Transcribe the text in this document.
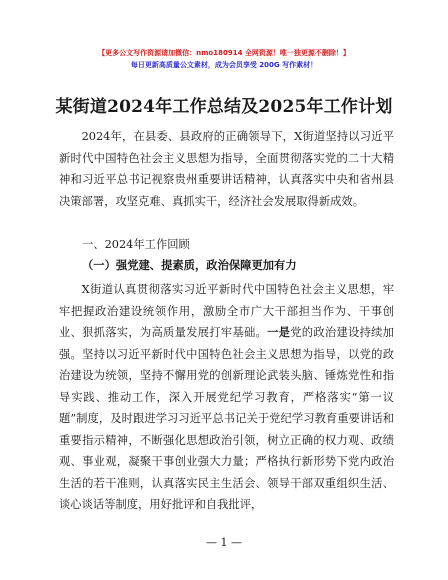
【更多公文写作资源请加微信：nmo180914 全网资源！唯一独更源不删除！】
每日更新高质量公文素材，成为会员享受 200G 写作素材！
某街道2024年工作总结及2025年工作计划

2024年，在县委、县政府的正确领导下，X街道坚持以习近平新时代中国特色社会主义思想为指导，全面贯彻落实党的二十大精神和习近平总书记视察贵州重要讲话精神，认真落实中央和省州县决策部署，攻坚克难、真抓实干，经济社会发展取得新成效。

一、2024年工作回顾
（一）强党建、提素质，政治保障更加有力

X街道认真贯彻落实习近平新时代中国特色社会主义思想，牢牢把握政治建设统领作用，激励全市广大干部担当作为、干事创业、狠抓落实，为高质量发展打牢基础。一是党的政治建设持续加强。坚持以习近平新时代中国特色社会主义思想为指导，以党的政治建设为统领，坚持不懈用党的创新理论武装头脑、锤炼党性和指导实践、推动工作，深入开展党纪学习教育，严格落实“第一议题”制度，及时跟进学习习近平总书记关于党纪学习教育重要讲话和重要指示精神，不断强化思想政治引领，树立正确的权力观、政绩观、事业观，凝聚干事创业强大力量；严格执行新形势下党内政治生活的若干准则，认真落实民主生活会、领导干部双重组织生活、谈心谈话等制度，用好批评和自我批评，

— 1 —
